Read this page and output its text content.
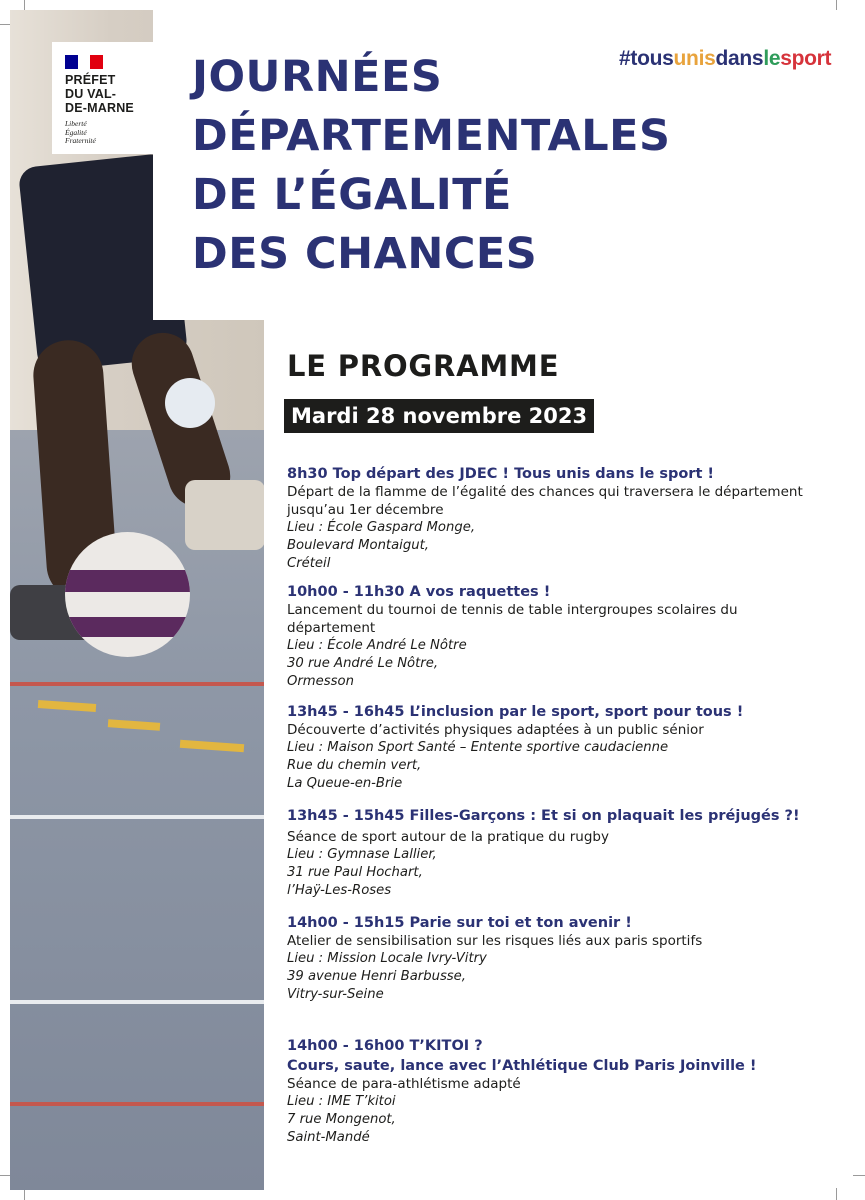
PRÉFET
DU VAL-
DE-MARNE
Liberté
Égalité
Fraternité
JOURNÉES
DÉPARTEMENTALES
DE L’ÉGALITÉ
DES CHANCES
#tousunisdanslesport
LE PROGRAMME
Mardi 28 novembre 2023
8h30 Top départ des JDEC ! Tous unis dans le sport !
Départ de la flamme de l’égalité des chances qui traversera le département
jusqu’au 1er décembre
Lieu : École Gaspard Monge,
Boulevard Montaigut,
Créteil
10h00 - 11h30 A vos raquettes !
Lancement du tournoi de tennis de table intergroupes scolaires du
département
Lieu : École André Le Nôtre
30 rue André Le Nôtre,
Ormesson
13h45 - 16h45 L’inclusion par le sport, sport pour tous !
Découverte d’activités physiques adaptées à un public sénior
Lieu : Maison Sport Santé – Entente sportive caudacienne
Rue du chemin vert,
La Queue-en-Brie
13h45 - 15h45 Filles-Garçons : Et si on plaquait les préjugés ?!
Séance de sport autour de la pratique du rugby
Lieu : Gymnase Lallier,
31 rue Paul Hochart,
l’Haÿ-Les-Roses
14h00 - 15h15 Parie sur toi et ton avenir !
Atelier de sensibilisation sur les risques liés aux paris sportifs
Lieu : Mission Locale Ivry-Vitry
39 avenue Henri Barbusse,
Vitry-sur-Seine
14h00 - 16h00 T’KITOI ?
Cours, saute, lance avec l’Athlétique Club Paris Joinville !
Séance de para-athlétisme adapté
Lieu : IME T’kitoi
7 rue Mongenot,
Saint-Mandé
